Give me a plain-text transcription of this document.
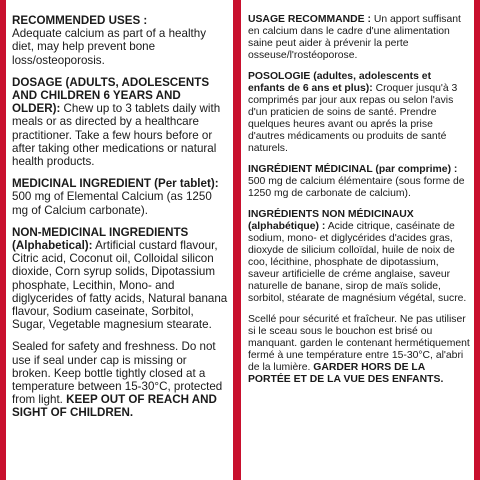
RECOMMENDED USES :
Adequate calcium as part of a healthy diet, may help prevent bone loss/osteoporosis.

DOSAGE (ADULTS, ADOLESCENTS AND CHILDREN 6 YEARS AND OLDER): Chew up to 3 tablets daily with meals or as directed by a healthcare practitioner. Take a few hours before or after taking other medications or natural health products.

MEDICINAL INGREDIENT (Per tablet): 500 mg of Elemental Calcium (as 1250 mg of Calcium carbonate).

NON-MEDICINAL INGREDIENTS (Alphabetical): Artificial custard flavour, Citric acid, Coconut oil, Colloidal silicon dioxide, Corn syrup solids, Dipotassium phosphate, Lecithin, Mono- and diglycerides of fatty acids, Natural banana flavour, Sodium caseinate, Sorbitol, Sugar, Vegetable magnesium stearate.

Sealed for safety and freshness. Do not use if seal under cap is missing or broken. Keep bottle tightly closed at a temperature between 15-30°C, protected from light. KEEP OUT OF REACH AND SIGHT OF CHILDREN.

USAGE RECOMMANDÉ : Un apport suffisant en calcium dans le cadre d'une alimentation saine peut aider à prévenir la perte osseuse/l'rostéoporose.

POSOLOGIE (adultes, adolescents et enfants de 6 ans et plus): Croquer jusqu'à 3 comprimés par jour aux repas ou selon l'avis d'un praticien de soins de santé. Prendre quelques heures avant ou aprés la prise d'autres médicaments ou produits de santé naturels.

INGRÉDIENT MÉDICINAL (par comprime) : 500 mg de calcium élémentaire (sous forme de 1250 mg de carbonate de calcium).

INGRÉDIENTS NON MÉDICINAUX (alphabétique) : Acide citrique, caséinate de sodium, mono- et diglycérides d'acides gras, dioxyde de silicium colloïdal, huile de noix de coo, lécithine, phosphate de dipotassium, saveur artificielle de créme anglaise, saveur naturelle de banane, sirop de maïs solide, sorbitol, stéarate de magnésium végétal, sucre.

Scellé pour sécurité et fraîcheur. Ne pas utiliser si le sceau sous le bouchon est brisé ou manquant. garden le contenant hermétiquement fermé à une température entre 15-30°C, al'abri de la lumière. GARDER HORS DE LA PORTÉE ET DE LA VUE DES ENFANTS.
